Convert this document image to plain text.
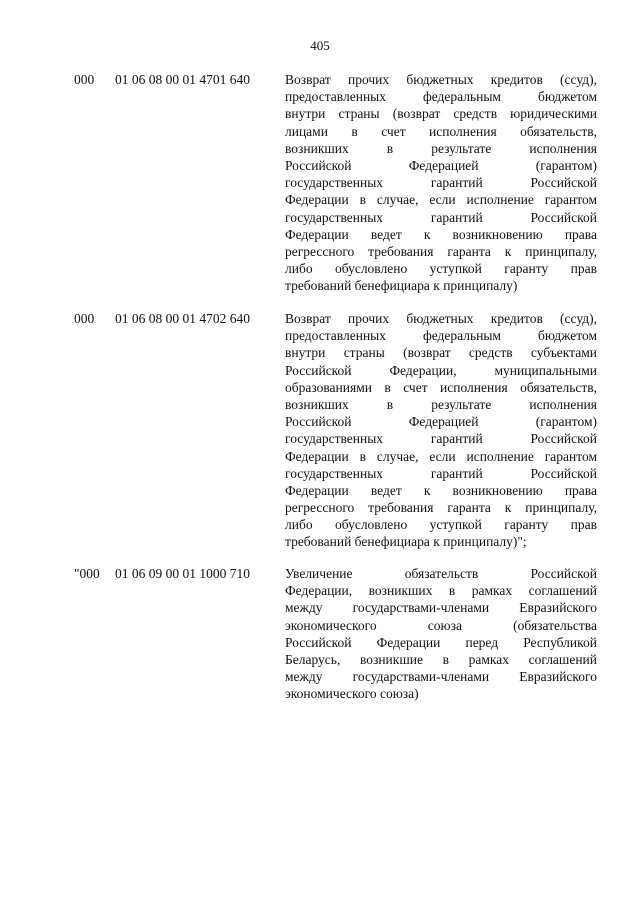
405
000 01 06 08 00 01 4701 640	Возврат прочих бюджетных кредитов (ссуд),
предоставленных федеральным бюджетом
внутри страны (возврат средств юридическими
лицами в счет исполнения обязательств,
возникших в результате исполнения
Российской Федерацией (гарантом)
государственных гарантий Российской
Федерации в случае, если исполнение гарантом
государственных гарантий Российской
Федерации ведет к возникновению права
регрессного требования гаранта к принципалу,
либо обусловлено уступкой гаранту прав
требований бенефициара к принципалу)
000 01 06 08 00 01 4702 640	Возврат прочих бюджетных кредитов (ссуд),
предоставленных федеральным бюджетом
внутри страны (возврат средств субъектами
Российской Федерации, муниципальными
образованиями в счет исполнения обязательств,
возникших в результате исполнения
Российской Федерацией (гарантом)
государственных гарантий Российской
Федерации в случае, если исполнение гарантом
государственных гарантий Российской
Федерации ведет к возникновению права
регрессного требования гаранта к принципалу,
либо обусловлено уступкой гаранту прав
требований бенефициара к принципалу)";
"000 01 06 09 00 01 1000 710	Увеличение обязательств Российской
Федерации, возникших в рамках соглашений
между государствами-членами Евразийского
экономического союза (обязательства
Российской Федерации перед Республикой
Беларусь, возникшие в рамках соглашений
между государствами-членами Евразийского
экономического союза)
